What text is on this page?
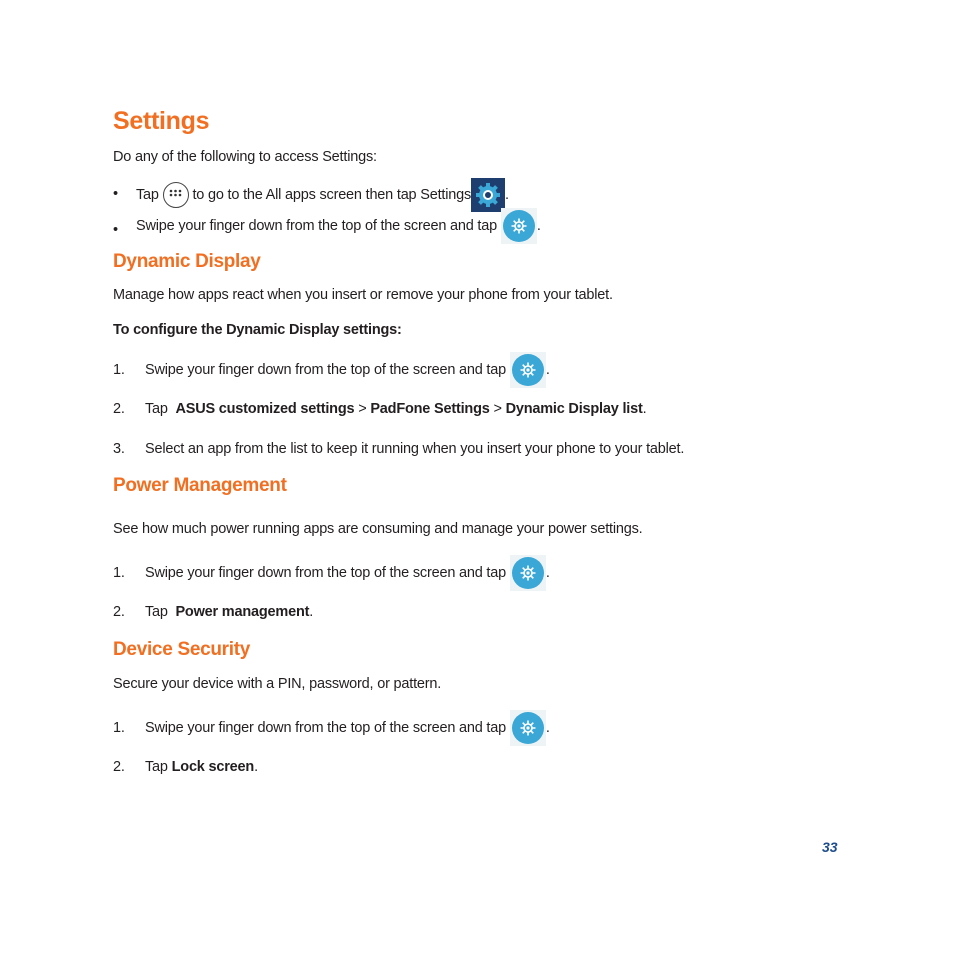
Settings
Do any of the following to access Settings:
• Tap to go to the All apps screen then tap Settings .
• Swipe your finger down from the top of the screen and tap	.
Dynamic Display
Manage how apps react when you insert or remove your phone from your tablet.
To configure the Dynamic Display settings:
1. Swipe your finger down from the top of the screen and tap	.
2. Tap ASUS customized settings > PadFone Settings > Dynamic Display list.
3. Select an app from the list to keep it running when you insert your phone to your tablet.
Power Management
See how much power running apps are consuming and manage your power settings.
1. Swipe your finger down from the top of the screen and tap	.
2. Tap Power management.
Device Security
Secure your device with a PIN, password, or pattern.
1. Swipe your finger down from the top of the screen and tap	.
2. Tap Lock screen.
33
